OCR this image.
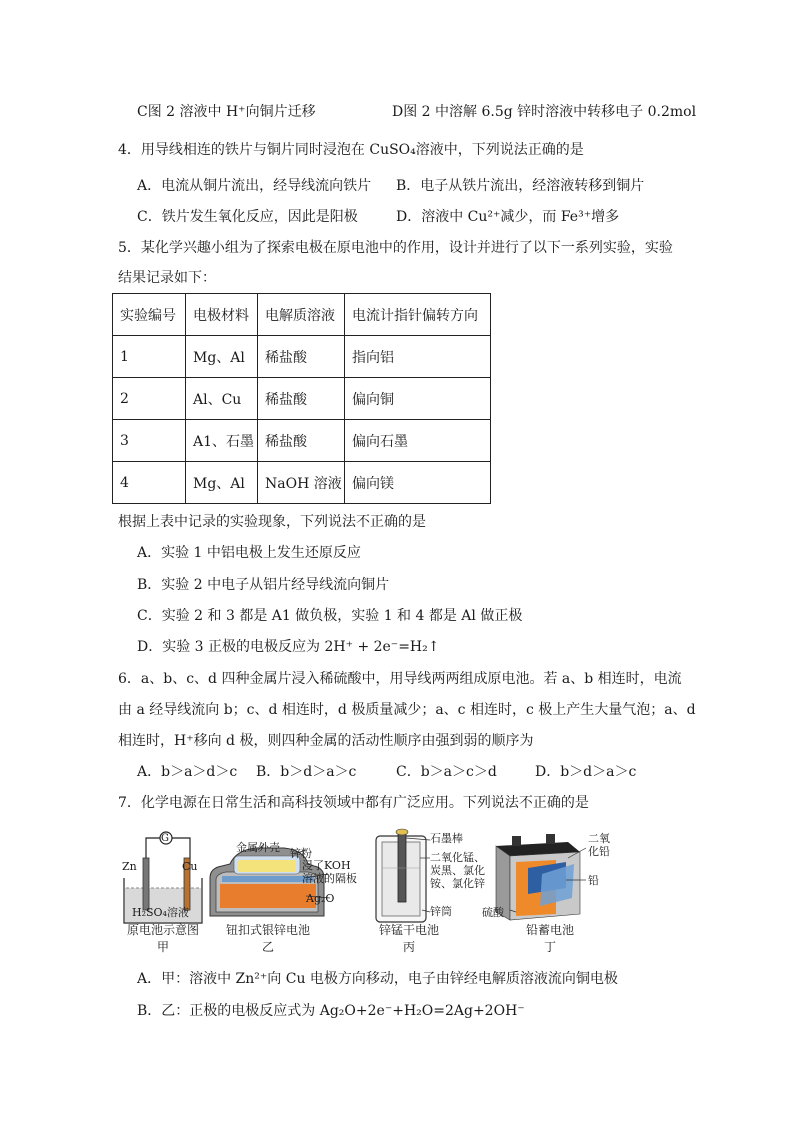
C图 2 溶液中 H⁺向铜片迁移	D图 2 中溶解 6.5g 锌时溶液中转移电子 0.2mol
4．用导线相连的铁片与铜片同时浸泡在 CuSO₄溶液中，下列说法正确的是
A．电流从铜片流出，经导线流向铁片 B．电子从铁片流出，经溶液转移到铜片
C．铁片发生氧化反应，因此是阳极	D．溶液中 Cu²⁺减少，而 Fe³⁺增多
5．某化学兴趣小组为了探索电极在原电池中的作用，设计并进行了以下一系列实验，实验
结果记录如下：
实验编号	电极材料	电解质溶液	电流计指针偏转方向
1	Mg、Al	稀盐酸	指向铝
2	Al、Cu	稀盐酸	偏向铜
3	A1、石墨	稀盐酸	偏向石墨
4	Mg、Al	NaOH 溶液	偏向镁
根据上表中记录的实验现象，下列说法不正确的是
A．实验 1 中铝电极上发生还原反应
B．实验 2 中电子从铝片经导线流向铜片
C．实验 2 和 3 都是 A1 做负极，实验 1 和 4 都是 Al 做正极
D．实验 3 正极的电极反应为 2H⁺ + 2e⁻=H₂↑
6．a、b、c、d 四种金属片浸入稀硫酸中，用导线两两组成原电池。若 a、b 相连时，电流
由 a 经导线流向 b；c、d 相连时，d 极质量减少；a、c 相连时，c 极上产生大量气泡；a、d
相连时，H⁺移向 d 极，则四种金属的活动性顺序由强到弱的顺序为
A．b＞a＞d＞c B．b＞d＞a＞c	C．b＞a＞c＞d	D．b＞d＞a＞c
7．化学电源在日常生活和高科技领域中都有广泛应用。下列说法不正确的是
G
Zn	Cu
H₂SO₄溶液
原电池示意图
甲
金属外壳 锌粉
浸了KOH
溶液的隔板
Ag₂O
钮扣式银锌电池
乙
石墨棒
二氧化锰、
炭黑、氯化
铵、氯化锌
锌筒
锌锰干电池
丙
二氧
化铅
铅
硫酸
铅蓄电池
丁
A．甲：溶液中 Zn²⁺向 Cu 电极方向移动，电子由锌经电解质溶液流向铜电极
B．乙：正极的电极反应式为 Ag₂O+2e⁻+H₂O=2Ag+2OH⁻
